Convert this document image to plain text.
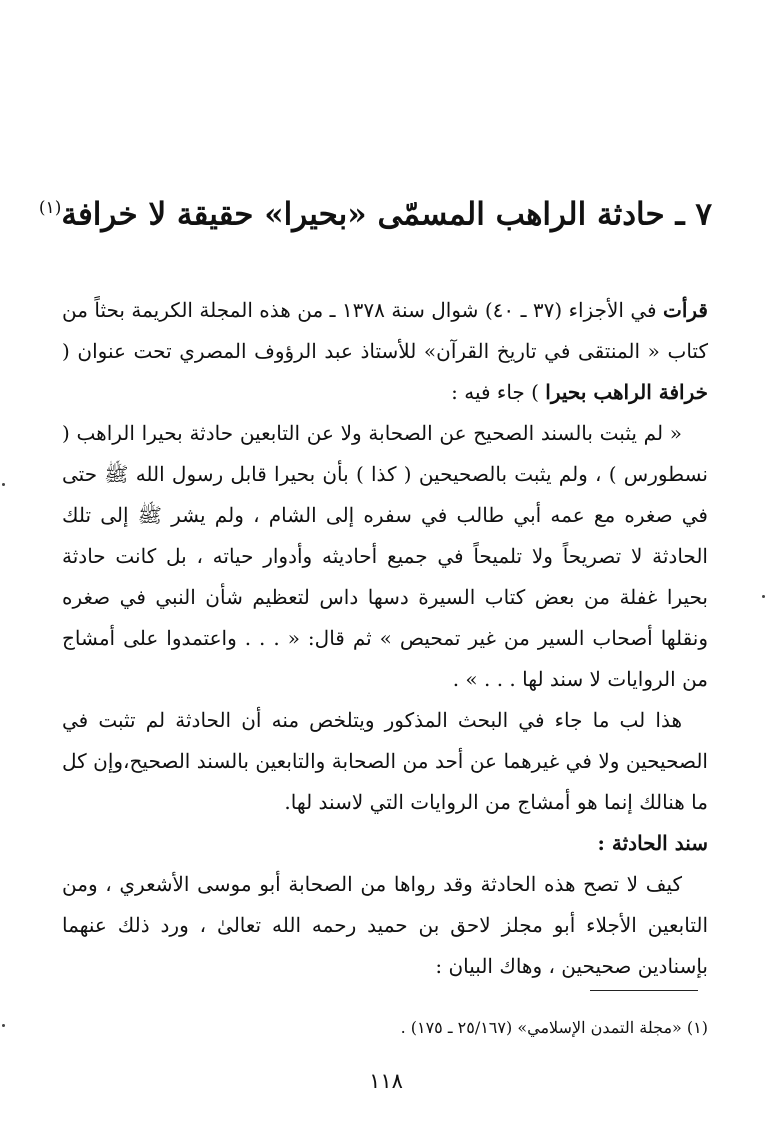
٧ ـ حادثة الراهب المسمّى «بحيرا» حقيقة لا خرافة$^{(١)}$

قرأت في الأجزاء (٣٧ ـ ٤٠) شوال سنة ١٣٧٨ ـ من هذه المجلة الكريمة بحثاً من كتاب « المنتقى في تاريخ القرآن» للأستاذ عبد الرؤوف المصري تحت عنوان ( خرافة الراهب بحيرا ) جاء فيه :

« لم يثبت بالسند الصحيح عن الصحابة ولا عن التابعين حادثة بحيرا الراهب ( نسطورس ) ، ولم يثبت بالصحيحين ( كذا ) بأن بحيرا قابل رسول الله ﷺ حتى في صغره مع عمه أبي طالب في سفره إلى الشام ، ولم يشر ﷺ إلى تلك الحادثة لا تصريحاً ولا تلميحاً في جميع أحاديثه وأدوار حياته ، بل كانت حادثة بحيرا غفلة من بعض كتاب السيرة دسها داس لتعظيم شأن النبي في صغره ونقلها أصحاب السير من غير تمحيص » ثم قال: « . . . واعتمدوا على أمشاج من الروايات لا سند لها . . . » .

هذا لب ما جاء في البحث المذكور ويتلخص منه أن الحادثة لم تثبت في الصحيحين ولا في غيرهما عن أحد من الصحابة والتابعين بالسند الصحيح،وإن كل ما هنالك إنما هو أمشاج من الروايات التي لاسند لها.

سند الحادثة :

كيف لا تصح هذه الحادثة وقد رواها من الصحابة أبو موسى الأشعري ، ومن التابعين الأجلاء أبو مجلز لاحق بن حميد رحمه الله تعالىٰ ، ورد ذلك عنهما بإسنادين صحيحين ، وهاك البيان :

(١) «مجلة التمدن الإسلامي» (٢٥/١٦٧ ـ ١٧٥) .
١١٨
